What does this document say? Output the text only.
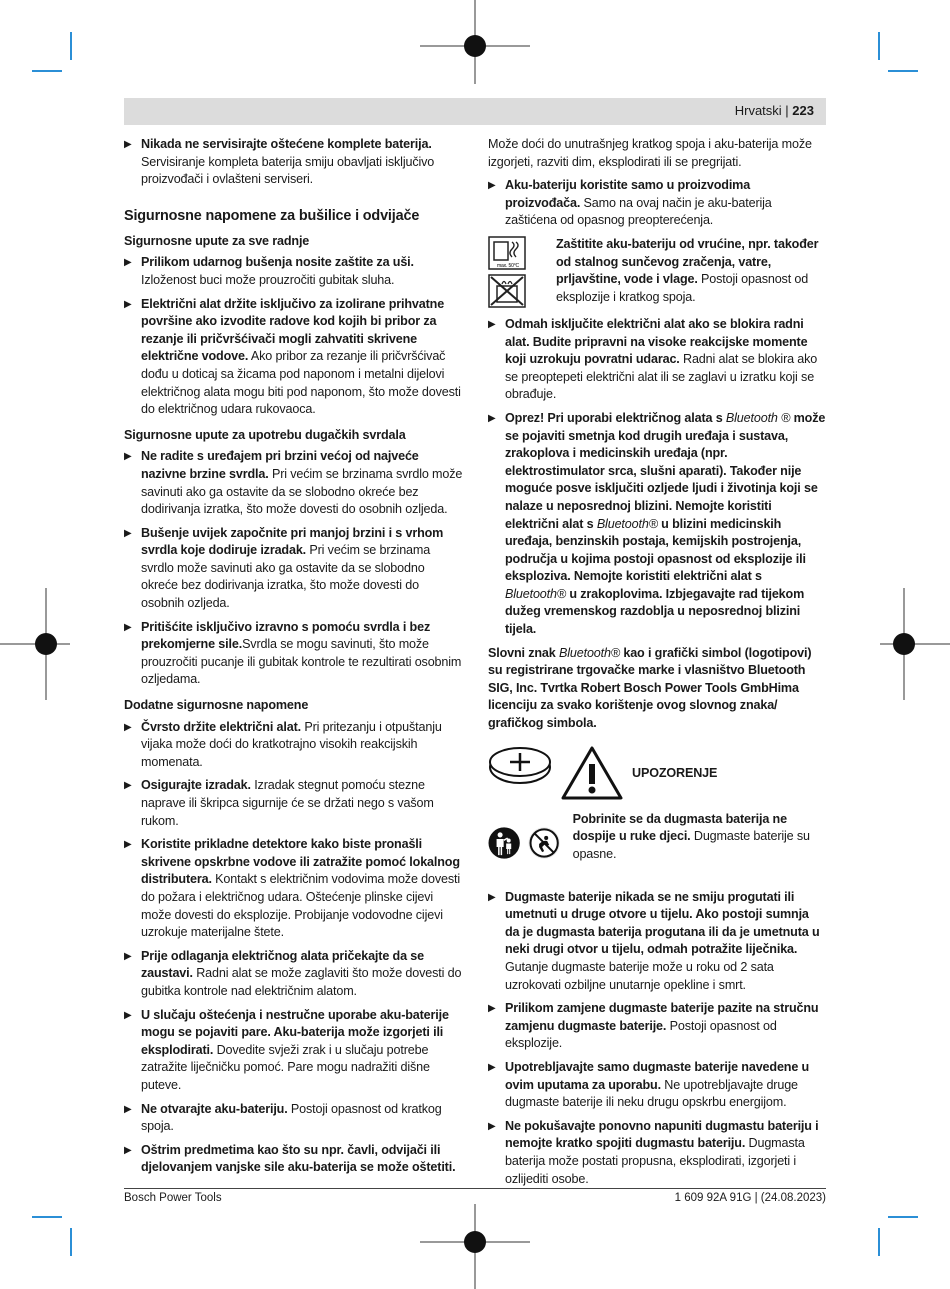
Hrvatski | 223
▶ Nikada ne servisirajte oštećene komplete baterija. Servisiranje kompleta baterija smiju obavljati isključivo proizvođači i ovlašteni serviseri.
Sigurnosne napomene za bušilice i odvijače
Sigurnosne upute za sve radnje
▶ Prilikom udarnog bušenja nosite zaštite za uši. Izloženost buci može prouzročiti gubitak sluha.
▶ Električni alat držite isključivo za izolirane prihvatne površine ako izvodite radove kod kojih bi pribor za rezanje ili pričvršćivači mogli zahvatiti skrivene električne vodove. Ako pribor za rezanje ili pričvršćivač dođu u doticaj sa žicama pod naponom i metalni dijelovi električnog alata mogu biti pod naponom, što može dovesti do električnog udara rukovaoca.
Sigurnosne upute za upotrebu dugačkih svrdala
▶ Ne radite s uređajem pri brzini većoj od najveće nazivne brzine svrdla. Pri većim se brzinama svrdlo može savinuti ako ga ostavite da se slobodno okreće bez dodirivanja izratka, što može dovesti do osobnih ozljeda.
▶ Bušenje uvijek započnite pri manjoj brzini i s vrhom svrdla koje dodiruje izradak. Pri većim se brzinama svrdlo može savinuti ako ga ostavite da se slobodno okreće bez dodirivanja izratka, što može dovesti do osobnih ozljeda.
▶ Pritišćite isključivo izravno s pomoću svrdla i bez prekomjerne sile.Svrdla se mogu savinuti, što može prouzročiti pucanje ili gubitak kontrole te rezultirati osobnim ozljedama.
Dodatne sigurnosne napomene
▶ Čvrsto držite električni alat. Pri pritezanju i otpuštanju vijaka može doći do kratkotrajno visokih reakcijskih momenata.
▶ Osigurajte izradak. Izradak stegnut pomoću stezne naprave ili škripca sigurnije će se držati nego s vašom rukom.
▶ Koristite prikladne detektore kako biste pronašli skrivene opskrbne vodove ili zatražite pomoć lokalnog distributera. Kontakt s električnim vodovima može dovesti do požara i električnog udara. Oštećenje plinske cijevi može dovesti do eksplozije. Probijanje vodovodne cijevi uzrokuje materijalne štete.
▶ Prije odlaganja električnog alata pričekajte da se zaustavi. Radni alat se može zaglaviti što može dovesti do gubitka kontrole nad električnim alatom.
▶ U slučaju oštećenja i nestručne uporabe aku-baterije mogu se pojaviti pare. Aku-baterija može izgorjeti ili eksplodirati. Dovedite svježi zrak i u slučaju potrebe zatražite liječničku pomoć. Pare mogu nadražiti dišne puteve.
▶ Ne otvarajte aku-bateriju. Postoji opasnost od kratkog spoja.
▶ Oštrim predmetima kao što su npr. čavli, odvijači ili djelovanjem vanjske sile aku-baterija se može oštetiti.

Može doći do unutrašnjeg kratkog spoja i aku-baterija može izgorjeti, razviti dim, eksplodirati ili se pregrijati.

▶ Aku-bateriju koristite samo u proizvodima proizvođača. Samo na ovaj način je aku-baterija zaštićena od opasnog preopterećenja.
max. 50°C
Zaštitite aku-bateriju od vrućine, npr. također od stalnog sunčevog zračenja, vatre, prljavštine, vode i vlage. Postoji opasnost od eksplozije i kratkog spoja.
▶ Odmah isključite električni alat ako se blokira radni alat. Budite pripravni na visoke reakcijske momente koji uzrokuju povratni udarac. Radni alat se blokira ako se preopteреti električni alat ili se zaglavi u izratku koji se obrađuje.
▶ Oprez! Pri uporabi električnog alata s Bluetooth ® može se pojaviti smetnja kod drugih uređaja i sustava, zrakoplova i medicinskih uređaja (npr. elektrostimulator srca, slušni aparati). Također nije moguće posve isključiti ozljede ljudi i životinja koji se nalaze u neposrednoj blizini. Nemojte koristiti električni alat s Bluetooth® u blizini medicinskih uređaja, benzinskih postaja, kemijskih postrojenja, područja u kojima postoji opasnost od eksplozije ili eksploziva. Nemojte koristiti električni alat s Bluetooth® u zrakoplovima. Izbjegavajte rad tijekom dužeg vremenskog razdoblja u neposrednoj blizini tijela.

Slovni znak Bluetooth® kao i grafički simbol (logotipovi) su registrirane trgovačke marke i vlasništvo Bluetooth SIG, Inc. Tvrtka Robert Bosch Power Tools GmbHima licenciju za svako korištenje ovog slovnog znaka/ grafičkog simbola.

UPOZORENJE
Pobrinite se da dugmasta baterija ne dospije u ruke djeci. Dugmaste baterije su opasne.
▶ Dugmaste baterije nikada se ne smiju progutati ili umetnuti u druge otvore u tijelu. Ako postoji sumnja da je dugmasta baterija progutana ili da je umetnuta u neki drugi otvor u tijelu, odmah potražite liječnika. Gutanje dugmaste baterije može u roku od 2 sata uzrokovati ozbiljne unutarnje opekline i smrt.
▶ Prilikom zamjene dugmaste baterije pazite na stručnu zamjenu dugmaste baterije. Postoji opasnost od eksplozije.
▶ Upotrebljavajte samo dugmaste baterije navedene u ovim uputama za uporabu. Ne upotrebljavajte druge dugmaste baterije ili neku drugu opskrbu energijom.
▶ Ne pokušavajte ponovno napuniti dugmastu bateriju i nemojte kratko spojiti dugmastu bateriju. Dugmasta baterija može postati propusna, eksplodirati, izgorjeti i ozlijediti osobe.
Bosch Power Tools	1 609 92A 91G | (24.08.2023)
